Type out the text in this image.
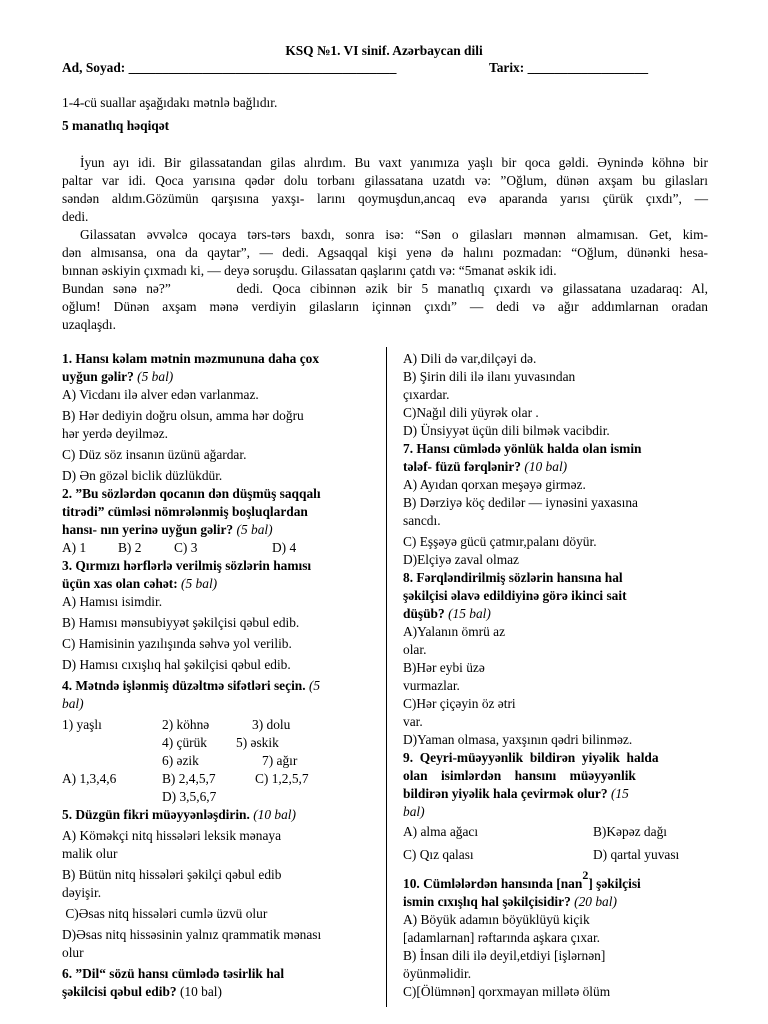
KSQ №1. VI sinif. Azərbaycan dili
Ad, Soyad: ________________________________________	Tarix: __________________
1-4-cü suallar aşağıdakı mətnlə bağlıdır.
5 manatlıq həqiqət
İyun ayı idi. Bir gilassatandan gilas alırdım. Bu vaxt yanımıza yaşlı bir qoca gəldi. Əynində köhnə bir
paltar var idi. Qoca yarısına qədər dolu torbanı gilassatana uzatdı və: ”Oğlum, dünən axşam bu gilasları
səndən aldım.Gözümün qarşısına yaxşı- larını qoymuşdun,ancaq evə aparanda yarısı çürük çıxdı”, —
dedi.
Gilassatan əvvəlcə qocaya tərs-tərs baxdı, sonra isə: “Sən o gilasları mənnən almamısan. Get, kim-
dən almısansa, ona da qaytar”, — dedi. Agsaqqal kişi yenə də halını pozmadan: “Oğlum, dünənki hesa-
bınnan əskiyin çıxmadı ki, — deyə soruşdu. Gilassatan qaşlarını çatdı və: “5manat əskik idi.
Bundan sənə nə?”       dedi. Qoca cibinnən əzik bir 5 manatlıq çıxardı və gilassatana uzadaraq: Al,
oğlum! Dünən axşam mənə verdiyin gilasların içinnən çıxdı” — dedi və ağır addımlarnan oradan
uzaqlaşdı.
1. Hansı kəlam mətnin məzmununa daha çox
uyğun gəlir? (5 bal)
A) Vicdanı ilə alver edən varlanmaz.
B) Hər dediyin doğru olsun, amma hər doğru
hər yerdə deyilməz.
C) Düz söz insanın üzünü ağardar.
D) Ən gözəl biclik düzlükdür.
2. ”Bu sözlərdən qocanın dən düşmüş saqqalı
titrədi” cümləsi nömrələnmiş boşluqlardan
hansı- nın yerinə uyğun gəlir? (5 bal)
A) 1 B) 2 C) 3	D) 4
3. Qırmızı hərflərlə verilmiş sözlərin hamısı
üçün xas olan cəhət: (5 bal)
A) Hamısı isimdir.
B) Hamısı mənsubiyyət şəkilçisi qəbul edib.
C) Hamisinin yazılışında səhvə yol verilib.
D) Hamısı cıxışlıq hal şəkilçisi qəbul edib.
4. Mətndə işlənmiş düzəltmə sifətləri seçin. (5
bal)
1) yaşlı	2) köhnə	3) dolu
4) çürük 5) əskik
6) əzik	7) ağır
A) 1,3,4,6	B) 2,4,5,7	C) 1,2,5,7
D) 3,5,6,7
5. Düzgün fikri müəyyənləşdirin. (10 bal)
A) Köməkçi nitq hissələri leksik mənaya
malik olur
B) Bütün nitq hissələri şəkilçi qəbul edib
dəyişir.
C)Əsas nitq hissələri cumlə üzvü olur
D)Əsas nitq hissəsinin yalnız qrammatik mənası
olur
6. ”Dil“ sözü hansı cümlədə təsirlik hal
şəkilcisi qəbul edib? (10 bal)
A) Dili də var,dilçəyi də.
B) Şirin dili ilə ilanı yuvasından
çıxardar.
C)Nağıl dili yüyrək olar .
D) Ünsiyyət üçün dili bilmək vacibdir.
7. Hansı cümlədə yönlük halda olan ismin
tələf- füzü fərqlənir? (10 bal)
A) Ayıdan qorxan meşəyə girməz.
B) Dərziyə köç dedilər — iynəsini yaxasına
sancdı.
C) Eşşəyə gücü çatmır,palanı döyür.
D)Elçiyə zaval olmaz
8. Fərqləndirilmiş sözlərin hansına hal
şəkilçisi əlavə edildiyinə görə ikinci sait
düşüb? (15 bal)
A)Yalanın ömrü az
olar.
B)Hər eybi üzə
vurmazlar.
C)Hər çiçəyin öz ətri
var.
D)Yaman olmasa, yaxşının qədri bilinməz.
9.  Qeyri-müəyyənlik  bildirən  yiyəlik  halda
olan    isimlərdən    hansını    müəyyənlik
bildirən yiyəlik hala çevirmək olur? (15
bal)
A) alma ağacı	B)Kəpəz dağı
C) Qız qalası	D) qartal yuvası
10. Cümlələrdən hansında [nan2] şəkilçisi
ismin cıxışlıq hal şəkilçisidir? (20 bal)
A) Böyük adamın böyüklüyü kiçik
[adamlarnan] rəftarında aşkara çıxar.
B) İnsan dili ilə deyil,etdiyi [işlərnən]
öyünməlidir.
C)[Ölümnən] qorxmayan millətə ölüm
